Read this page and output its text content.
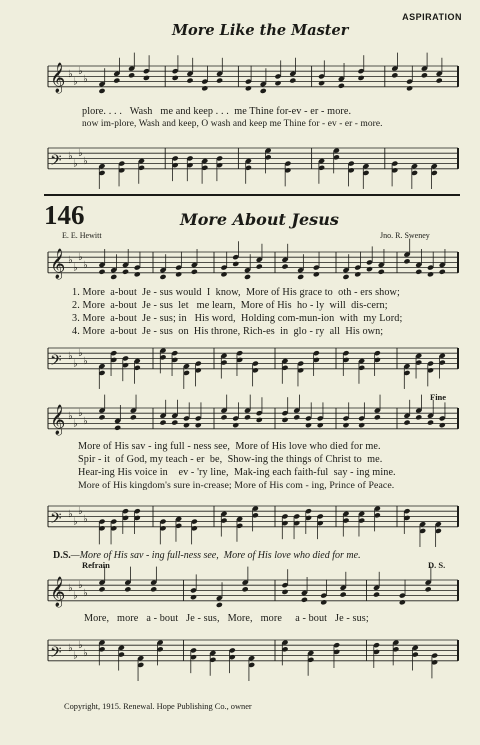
ASPIRATION
More Like the Master
𝄞 ♭
♭
♭
♭
plore. . . .   Wash   me and keep . . .  me Thine for-ev - er - more.
now im-plore, Wash and keep, O wash and keep me Thine for - ev - er - more.
𝄢 ♭
♭
♭
♭
146	More About Jesus
E. E. Hewitt	Jno. R. Sweney
𝄞 ♭
♭
♭
♭
1. More  a-bout  Je - sus would  I  know,  More of His grace to  oth - ers show;
2. More  a-bout  Je - sus  let   me learn,  More of His  ho - ly  will  dis-cern;
3. More  a-bout  Je - sus; in   His word,  Holding com-mun-ion  with  my Lord;
4. More  a-bout  Je - sus  on  His throne, Rich-es  in  glo - ry  all  His own;
𝄢 ♭
♭
♭
♭
Fine
𝄞 ♭
♭
♭
♭
More of His sav - ing full - ness see,  More of His love who died for me.
Spir - it  of God, my teach - er  be,  Show-ing the things of Christ to  me.
Hear-ing His voice in    ev - 'ry line,  Mak-ing each faith-ful  say - ing mine.
More of His kingdom's sure in-crease; More of His com - ing, Prince of Peace.
𝄢 ♭
♭
♭
♭

D.S.—More of His sav - ing full-ness see,  More of His love who died for me.

Refrain	D. S.
𝄞 ♭
♭
♭
♭
More,   more   a - bout   Je - sus,   More,   more     a - bout   Je - sus;
𝄢 ♭
♭
♭
♭
Copyright, 1915. Renewal. Hope Publishing Co., owner
